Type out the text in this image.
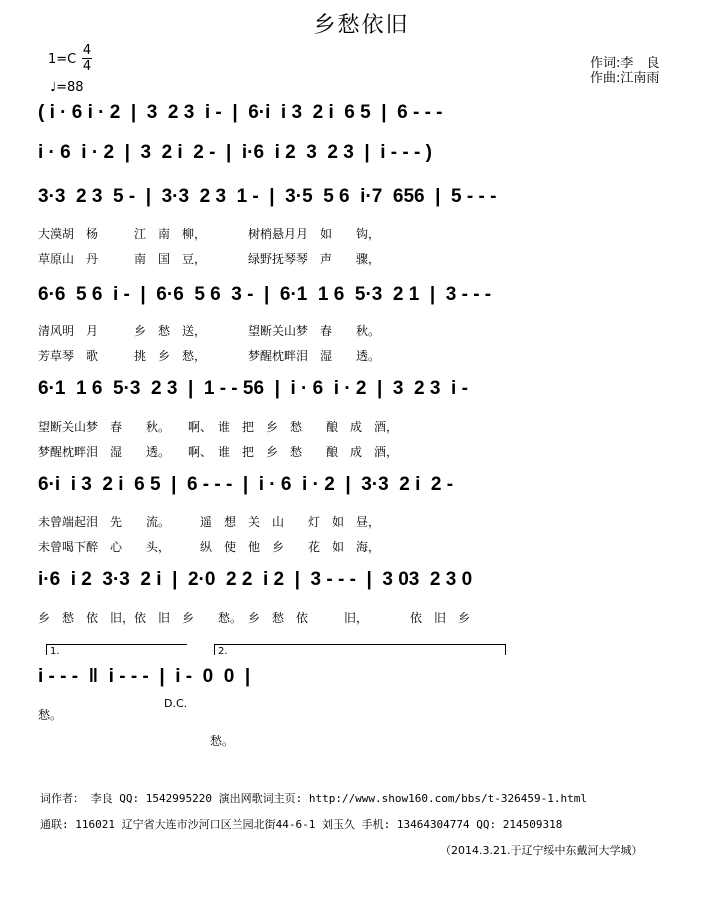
乡愁依旧
1=C
4
4
♩=88
作词:李　良
作曲:江南雨
( i · 6 i · 2  |  3  2 3  i -  |  6·i  i 3  2 i  6 5  |  6 - - -
i · 6  i · 2  |  3  2 i  2 -  |  i·6  i 2  3  2 3  |  i - - - )
3·3  2 3  5 -  |  3·3  2 3  1 -  |  3·5  5 6  i·7  656  |  5 - - -
大漠胡　杨　　　江　南　柳，　　　　树梢悬月月　如　　钩，
草原山　丹　　　南　国　豆，　　　　绿野抚琴琴　声　　骤，
6·6  5 6  i -  |  6·6  5 6  3 -  |  6·1  1 6  5·3  2 1  |  3 - - -
清风明　月　　　乡　愁　送，　　　　望断关山梦　春　　秋。
芳草琴　歌　　　挑　乡　愁，　　　　梦醒枕畔泪　湿　　透。
6·1  1 6  5·3  2 3  |  1 - - 56  |  i · 6  i · 2  |  3  2 3  i -
望断关山梦　春　　秋。　　啊、　谁　把　乡　愁　　酿　成　酒，
梦醒枕畔泪　湿　　透。　　啊、　谁　把　乡　愁　　酿　成　酒，
6·i  i 3  2 i  6 5  |  6 - - -  |  i · 6  i · 2  |  3·3  2 i  2 -
未曾端起泪　先　　流。　　　遥　想　关　山　　灯　如　昼，
未曾喝下醉　心　　头，　　　纵　使　他　乡　　花　如　海，
i·6  i 2  3·3  2 i  |  2·0  2 2  i 2  |  3 - - -  |  3 03  2 3 0
乡　愁　依　旧，依　旧　乡　　愁。　乡　愁　依　　　旧，　　　　依　旧　乡
1.	2.
i - - -  ‖  i - - -  |  i -  0  0  |
愁。
D.C.
愁。
词作者： 李良 QQ: 1542995220 演出网歌词主页: http://www.show160.com/bbs/t-326459-1.html
通联: 116021 辽宁省大连市沙河口区兰园北街44-6-1 刘玉久 手机: 13464304774 QQ: 214509318
（2014.3.21.于辽宁绥中东戴河大学城）
